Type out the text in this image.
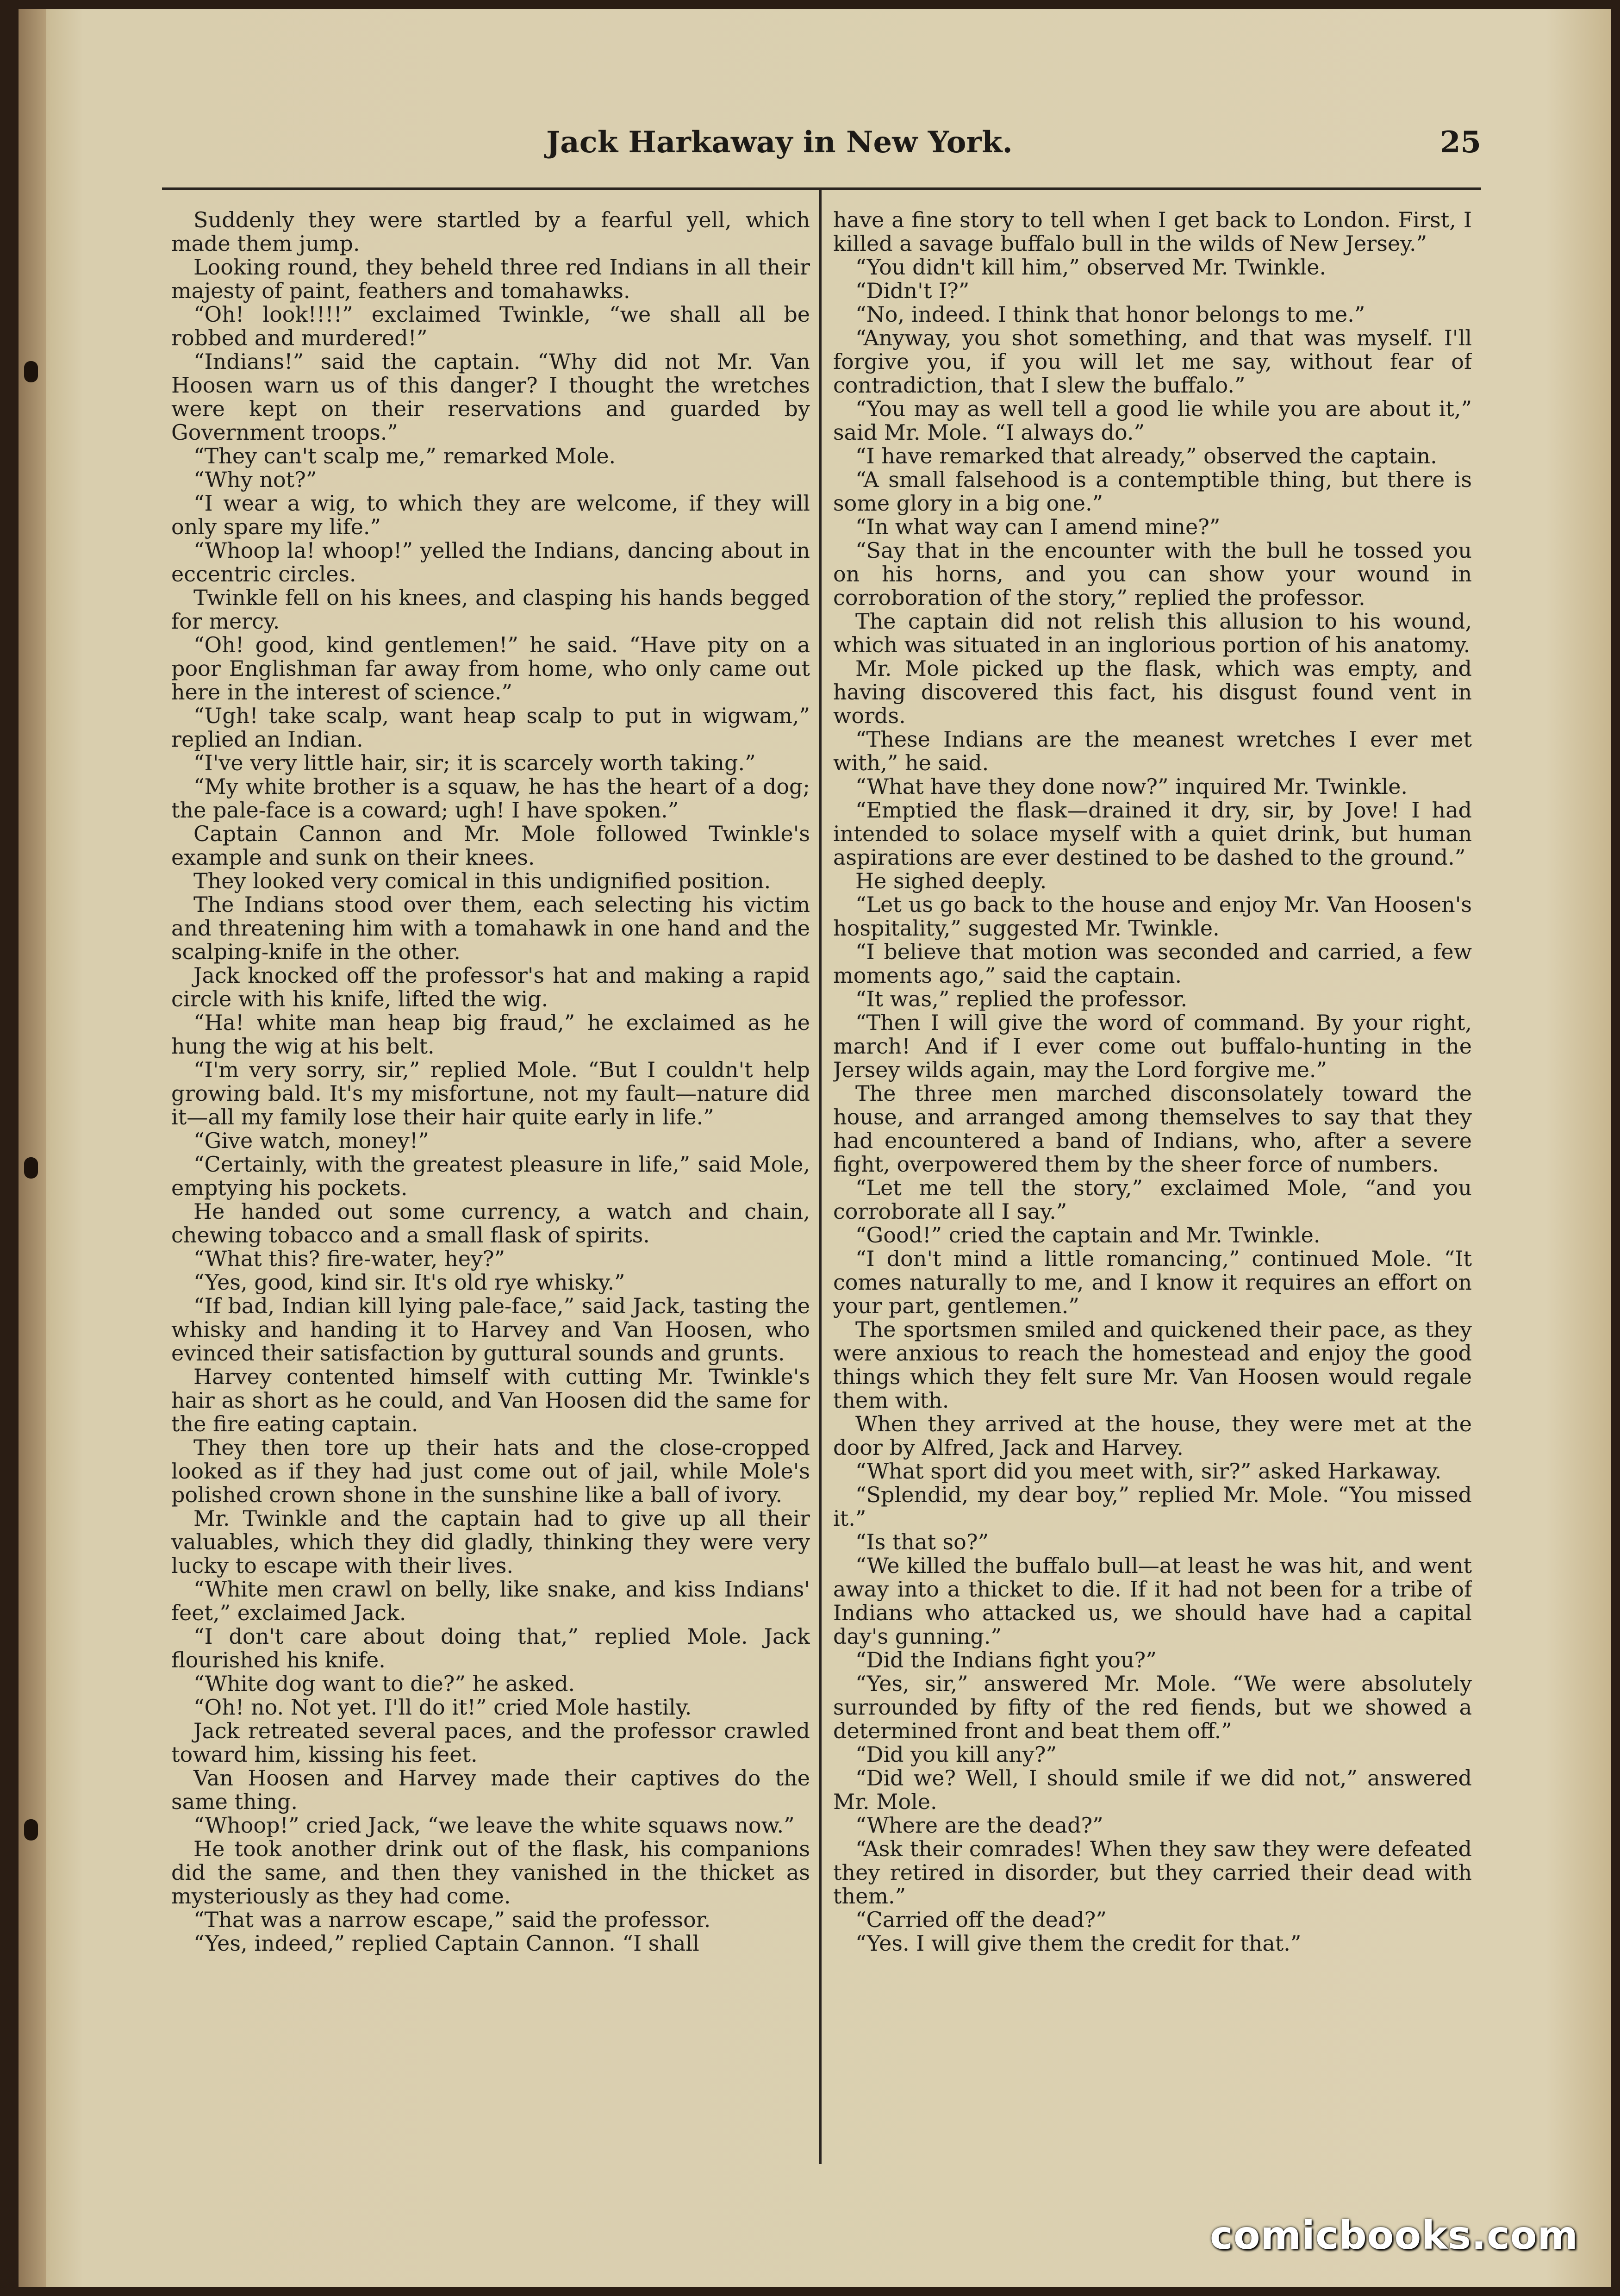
Jack Harkaway in New York.	25

Suddenly they were startled by a fearful yell, which made them jump.

Looking round, they beheld three red Indians in all their majesty of paint, feathers and tomahawks.

“Oh! look!!!!” exclaimed Twinkle, “we shall all be robbed and murdered!”

“Indians!” said the captain. “Why did not Mr. Van Hoosen warn us of this danger? I thought the wretches were kept on their reservations and guarded by Government troops.”

“They can't scalp me,” remarked Mole.

“Why not?”

“I wear a wig, to which they are welcome, if they will only spare my life.”

“Whoop la! whoop!” yelled the Indians, dancing about in eccentric circles.

Twinkle fell on his knees, and clasping his hands begged for mercy.

“Oh! good, kind gentlemen!” he said. “Have pity on a poor Englishman far away from home, who only came out here in the interest of science.”

“Ugh! take scalp, want heap scalp to put in wigwam,” replied an Indian.

“I've very little hair, sir; it is scarcely worth taking.”

“My white brother is a squaw, he has the heart of a dog; the pale-face is a coward; ugh! I have spoken.”

Captain Cannon and Mr. Mole followed Twinkle's example and sunk on their knees.

They looked very comical in this undignified position.

The Indians stood over them, each selecting his victim and threatening him with a tomahawk in one hand and the scalping-knife in the other.

Jack knocked off the professor's hat and making a rapid circle with his knife, lifted the wig.

“Ha! white man heap big fraud,” he exclaimed as he hung the wig at his belt.

“I'm very sorry, sir,” replied Mole. “But I couldn't help growing bald. It's my misfortune, not my fault—nature did it—all my family lose their hair quite early in life.”

“Give watch, money!”

“Certainly, with the greatest pleasure in life,” said Mole, emptying his pockets.

He handed out some currency, a watch and chain, chewing tobacco and a small flask of spirits.

“What this? fire-water, hey?”

“Yes, good, kind sir. It's old rye whisky.”

“If bad, Indian kill lying pale-face,” said Jack, tasting the whisky and handing it to Harvey and Van Hoosen, who evinced their satisfaction by guttural sounds and grunts.

Harvey contented himself with cutting Mr. Twinkle's hair as short as he could, and Van Hoosen did the same for the fire eating captain.

They then tore up their hats and the close-cropped looked as if they had just come out of jail, while Mole's polished crown shone in the sunshine like a ball of ivory.

Mr. Twinkle and the captain had to give up all their valuables, which they did gladly, thinking they were very lucky to escape with their lives.

“White men crawl on belly, like snake, and kiss Indians' feet,” exclaimed Jack.

“I don't care about doing that,” replied Mole. Jack flourished his knife.

“White dog want to die?” he asked.

“Oh! no. Not yet. I'll do it!” cried Mole hastily.

Jack retreated several paces, and the professor crawled toward him, kissing his feet.

Van Hoosen and Harvey made their captives do the same thing.

“Whoop!” cried Jack, “we leave the white squaws now.”

He took another drink out of the flask, his companions did the same, and then they vanished in the thicket as mysteriously as they had come.

“That was a narrow escape,” said the professor.

“Yes, indeed,” replied Captain Cannon. “I shall

have a fine story to tell when I get back to London. First, I killed a savage buffalo bull in the wilds of New Jersey.”

“You didn't kill him,” observed Mr. Twinkle.

“Didn't I?”

“No, indeed. I think that honor belongs to me.”

“Anyway, you shot something, and that was myself. I'll forgive you, if you will let me say, without fear of contradiction, that I slew the buffalo.”

“You may as well tell a good lie while you are about it,” said Mr. Mole. “I always do.”

“I have remarked that already,” observed the captain.

“A small falsehood is a contemptible thing, but there is some glory in a big one.”

“In what way can I amend mine?”

“Say that in the encounter with the bull he tossed you on his horns, and you can show your wound in corroboration of the story,” replied the professor.

The captain did not relish this allusion to his wound, which was situated in an inglorious portion of his anatomy.

Mr. Mole picked up the flask, which was empty, and having discovered this fact, his disgust found vent in words.

“These Indians are the meanest wretches I ever met with,” he said.

“What have they done now?” inquired Mr. Twinkle.

“Emptied the flask—drained it dry, sir, by Jove! I had intended to solace myself with a quiet drink, but human aspirations are ever destined to be dashed to the ground.”

He sighed deeply.

“Let us go back to the house and enjoy Mr. Van Hoosen's hospitality,” suggested Mr. Twinkle.

“I believe that motion was seconded and carried, a few moments ago,” said the captain.

“It was,” replied the professor.

“Then I will give the word of command. By your right, march! And if I ever come out buffalo-hunting in the Jersey wilds again, may the Lord forgive me.”

The three men marched disconsolately toward the house, and arranged among themselves to say that they had encountered a band of Indians, who, after a severe fight, overpowered them by the sheer force of numbers.

“Let me tell the story,” exclaimed Mole, “and you corroborate all I say.”

“Good!” cried the captain and Mr. Twinkle.

“I don't mind a little romancing,” continued Mole. “It comes naturally to me, and I know it requires an effort on your part, gentlemen.”

The sportsmen smiled and quickened their pace, as they were anxious to reach the homestead and enjoy the good things which they felt sure Mr. Van Hoosen would regale them with.

When they arrived at the house, they were met at the door by Alfred, Jack and Harvey.

“What sport did you meet with, sir?” asked Harkaway.

“Splendid, my dear boy,” replied Mr. Mole. “You missed it.”

“Is that so?”

“We killed the buffalo bull—at least he was hit, and went away into a thicket to die. If it had not been for a tribe of Indians who attacked us, we should have had a capital day's gunning.”

“Did the Indians fight you?”

“Yes, sir,” answered Mr. Mole. “We were absolutely surrounded by fifty of the red fiends, but we showed a determined front and beat them off.”

“Did you kill any?”

“Did we? Well, I should smile if we did not,” answered Mr. Mole.

“Where are the dead?”

“Ask their comrades! When they saw they were defeated they retired in disorder, but they carried their dead with them.”

“Carried off the dead?”

“Yes. I will give them the credit for that.”

comicbooks.com
